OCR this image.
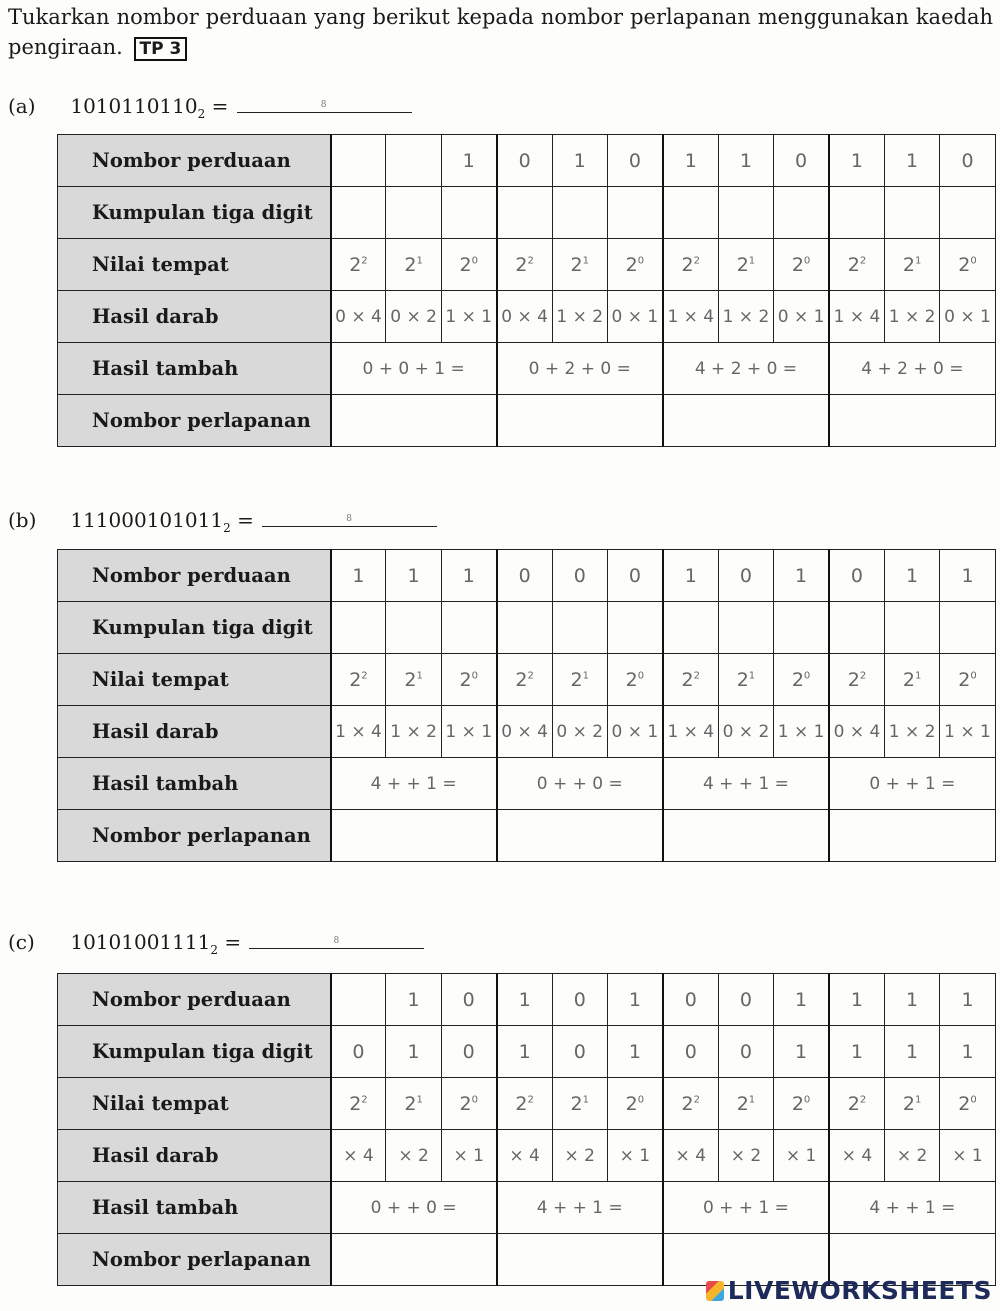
Tukarkan nombor perduaan yang berikut kepada nombor perlapanan menggunakan kaedah pengiraan. TP 3
(a) $1010110110_2$ =	8
Nombor perduaan			1	0	1	0	1	1	0	1	1	0
Kumpulan tiga digit												
Nilai tempat	$2^2$	$2^1$	$2^0$	$2^2$	$2^1$	$2^0$	$2^2$	$2^1$	$2^0$	$2^2$	$2^1$	$2^0$
Hasil darab	0 × 4	0 × 2	1 × 1	0 × 4	1 × 2	0 × 1	1 × 4	1 × 2	0 × 1	1 × 4	1 × 2	0 × 1
Hasil tambah	0 + 0 + 1 =			0 + 2 + 0 =			4 + 2 + 0 =			4 + 2 + 0 =		
Nombor perlapanan												
(b) $111000101011_2$ =	8
Nombor perduaan	1	1	1	0	0	0	1	0	1	0	1	1
Kumpulan tiga digit												
Nilai tempat	$2^2$	$2^1$	$2^0$	$2^2$	$2^1$	$2^0$	$2^2$	$2^1$	$2^0$	$2^2$	$2^1$	$2^0$
Hasil darab	1 × 4	1 × 2	1 × 1	0 × 4	0 × 2	0 × 1	1 × 4	0 × 2	1 × 1	0 × 4	1 × 2	1 × 1
Hasil tambah	4 + + 1 =			0 + + 0 =			4 + + 1 =			0 + + 1 =		
Nombor perlapanan												
(c) $10101001111_2$ =	8
Nombor perduaan		1	0	1	0	1	0	0	1	1	1	1
Kumpulan tiga digit	0	1	0	1	0	1	0	0	1	1	1	1
Nilai tempat	$2^2$	$2^1$	$2^0$	$2^2$	$2^1$	$2^0$	$2^2$	$2^1$	$2^0$	$2^2$	$2^1$	$2^0$
Hasil darab	× 4	× 2	× 1	× 4	× 2	× 1	× 4	× 2	× 1	× 4	× 2	× 1
Hasil tambah	0 + + 0 =			4 + + 1 =			0 + + 1 =			4 + + 1 =		
Nombor perlapanan												
LIVEWORKSHEETS
